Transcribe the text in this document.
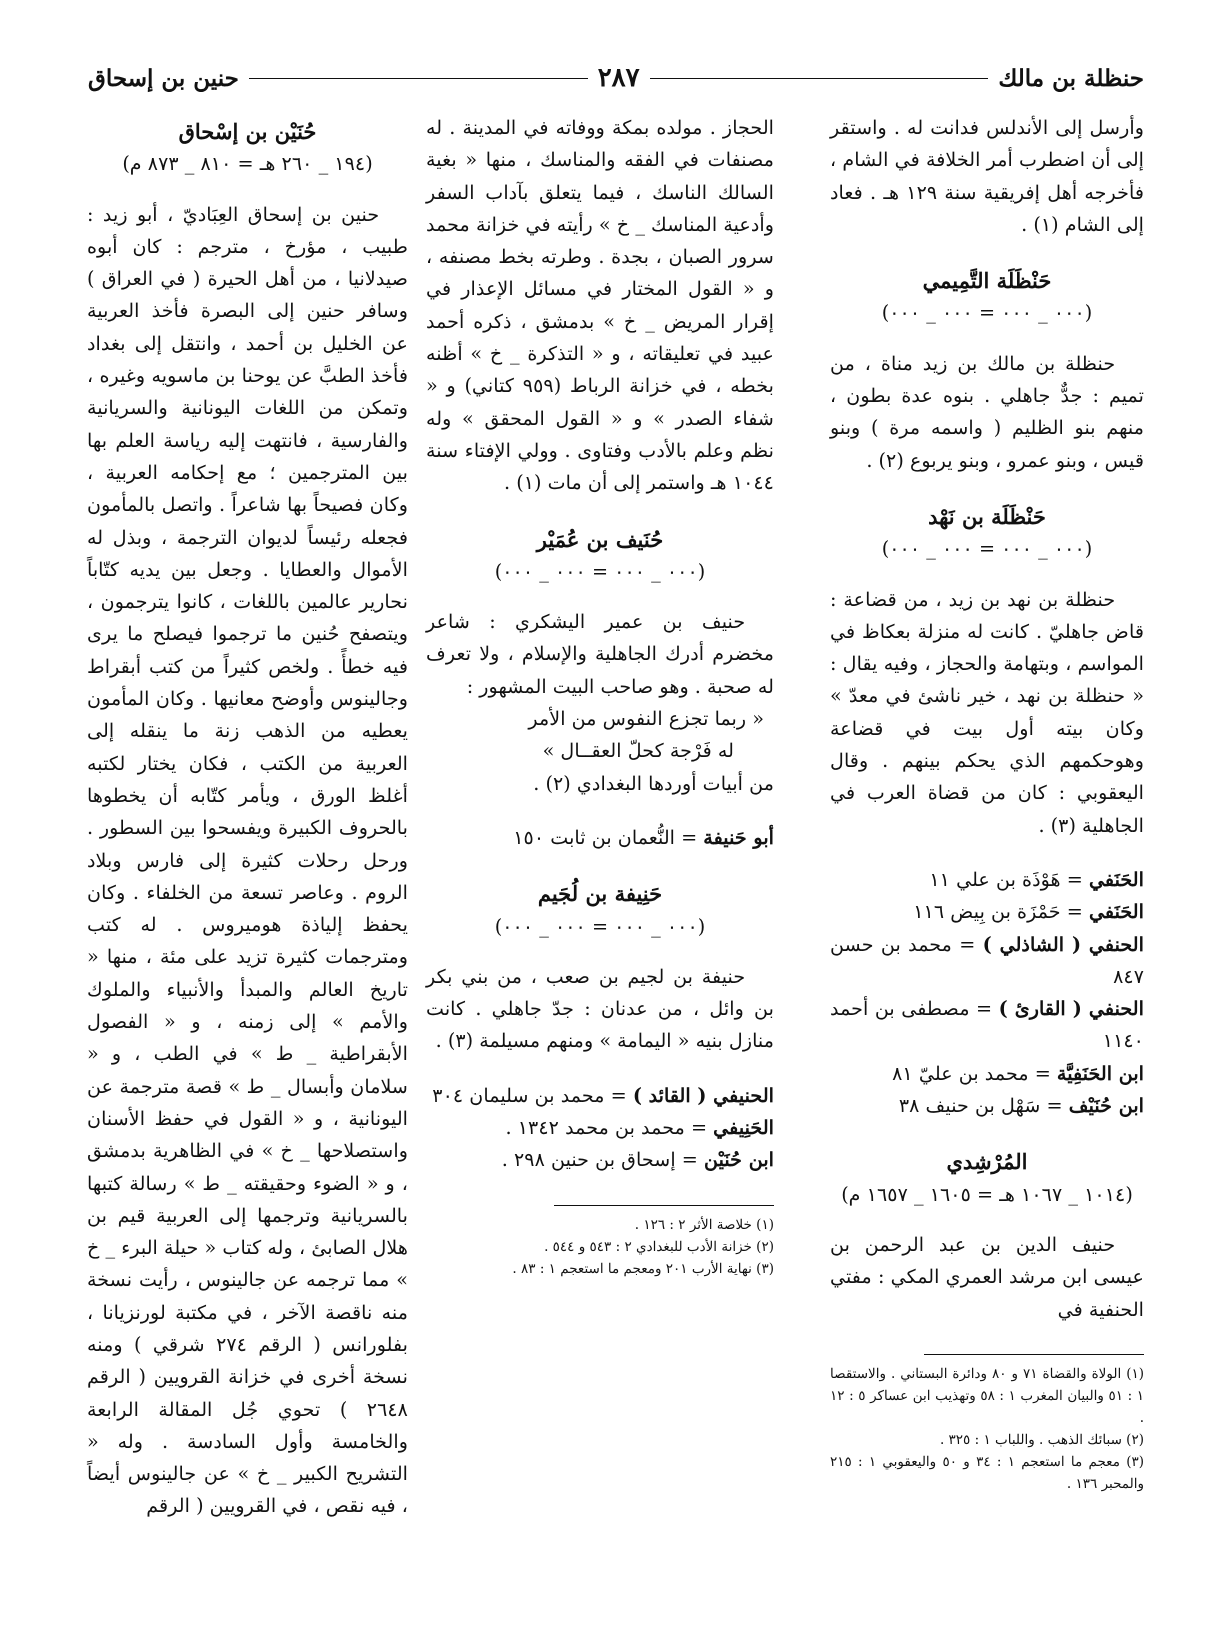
حنظلة بن مالك
٢٨٧
حنين بن إسحاق

وأرسل إلى الأندلس فدانت له . واستقر إلى أن اضطرب أمر الخلافة في الشام ، فأخرجه أهل إفريقية سنة ١٢٩ هـ . فعاد إلى الشام (١) .

حَنْظَلَة التَّمِيمي
(٠٠٠ _ ٠٠٠ = ٠٠٠ _ ٠٠٠)

حنظلة بن مالك بن زيد مناة ، من تميم : جدٌّ جاهلي . بنوه عدة بطون ، منهم بنو الظليم ( واسمه مرة ) وبنو قيس ، وبنو عمرو ، وبنو يربوع (٢) .

حَنْظَلَة بن نَهْد
(٠٠٠ _ ٠٠٠ = ٠٠٠ _ ٠٠٠)

حنظلة بن نهد بن زيد ، من قضاعة : قاض جاهليّ . كانت له منزلة بعكاظ في المواسم ، وبتهامة والحجاز ، وفيه يقال : « حنظلة بن نهد ، خير ناشئ في معدّ » وكان بيته أول بيت في قضاعة وهوحكمهم الذي يحكم بينهم . وقال اليعقوبي : كان من قضاة العرب في الجاهلية (٣) .

الحَنَفي = هَوْذَة بن علي ١١

الحَنَفي = حَمْزَة بن بِيض ١١٦

الحنفي ( الشاذلي ) = محمد بن حسن ٨٤٧

الحنفي ( القارئ ) = مصطفى بن أحمد ١١٤٠

ابن الحَنَفِيَّة = محمد بن عليّ ٨١

ابن حُنَيْف = سَهْل بن حنيف ٣٨

المُرْشِدي
(١٠١٤ _ ١٠٦٧ هـ = ١٦٠٥ _ ١٦٥٧ م)

حنيف الدين بن عبد الرحمن بن عيسى ابن مرشد العمري المكي : مفتي الحنفية في

(١) الولاة والقضاة ٧١ و ٨٠ ودائرة البستاني . والاستقصا ١ : ٥١ والبيان المغرب ١ : ٥٨ وتهذيب ابن عساكر ٥ : ١٢ .

(٢) سبائك الذهب . واللباب ١ : ٣٢٥ .

(٣) معجم ما استعجم ١ : ٣٤ و ٥٠ واليعقوبي ١ : ٢١٥ والمحبر ١٣٦ .

الحجاز . مولده بمكة ووفاته في المدينة . له مصنفات في الفقه والمناسك ، منها « بغية السالك الناسك ، فيما يتعلق بآداب السفر وأدعية المناسك _ خ » رأيته في خزانة محمد سرور الصبان ، بجدة . وطرته بخط مصنفه ، و « القول المختار في مسائل الإعذار في إقرار المريض _ خ » بدمشق ، ذكره أحمد عبيد في تعليقاته ، و « التذكرة _ خ » أظنه بخطه ، في خزانة الرباط (٩٥٩ كتاني) و « شفاء الصدر » و « القول المحقق » وله نظم وعلم بالأدب وفتاوى . وولي الإفتاء سنة ١٠٤٤ هـ واستمر إلى أن مات (١) .

حُنَيف بن عُمَيْر
(٠٠٠ _ ٠٠٠ = ٠٠٠ _ ٠٠٠)

حنيف بن عمير اليشكري : شاعر مخضرم أدرك الجاهلية والإسلام ، ولا تعرف له صحبة . وهو صاحب البيت المشهور :

« ربما تجزع النفوس من الأمر

له فَرْجة كحلّ العقــال »

من أبيات أوردها البغدادي (٢) .

أبو حَنيفة = النُّعمان بن ثابت ١٥٠

حَنِيفة بن لُجَيم
(٠٠٠ _ ٠٠٠ = ٠٠٠ _ ٠٠٠)

حنيفة بن لجيم بن صعب ، من بني بكر بن وائل ، من عدنان : جدّ جاهلي . كانت منازل بنيه « اليمامة » ومنهم مسيلمة (٣) .

الحنيفي ( القائد ) = محمد بن سليمان ٣٠٤

الحَنِيفي = محمد بن محمد ١٣٤٢ .

ابن حُنَيْن = إسحاق بن حنين ٢٩٨ .

(١) خلاصة الأثر ٢ : ١٢٦ .

(٢) خزانة الأدب للبغدادي ٢ : ٥٤٣ و ٥٤٤ .

(٣) نهاية الأرب ٢٠١ ومعجم ما استعجم ١ : ٨٣ .

حُنَيْن بن إسْحاق
(١٩٤ _ ٢٦٠ هـ = ٨١٠ _ ٨٧٣ م)

حنين بن إسحاق العِبَاديّ ، أبو زيد : طبيب ، مؤرخ ، مترجم : كان أبوه صيدلانيا ، من أهل الحيرة ( في العراق ) وسافر حنين إلى البصرة فأخذ العربية عن الخليل بن أحمد ، وانتقل إلى بغداد فأخذ الطبَّ عن يوحنا بن ماسويه وغيره ، وتمكن من اللغات اليونانية والسريانية والفارسية ، فانتهت إليه رياسة العلم بها بين المترجمين ؛ مع إحكامه العربية ، وكان فصيحاً بها شاعراً . واتصل بالمأمون فجعله رئيساً لديوان الترجمة ، وبذل له الأموال والعطايا . وجعل بين يديه كتّاباً نحارير عالمين باللغات ، كانوا يترجمون ، ويتصفح حُنين ما ترجموا فيصلح ما يرى فيه خطأً . ولخص كثيراً من كتب أبقراط وجالينوس وأوضح معانيها . وكان المأمون يعطيه من الذهب زنة ما ينقله إلى العربية من الكتب ، فكان يختار لكتبه أغلظ الورق ، ويأمر كتّابه أن يخطوها بالحروف الكبيرة ويفسحوا بين السطور . ورحل رحلات كثيرة إلى فارس وبلاد الروم . وعاصر تسعة من الخلفاء . وكان يحفظ إلياذة هوميروس . له كتب ومترجمات كثيرة تزيد على مئة ، منها « تاريخ العالم والمبدأ والأنبياء والملوك والأمم » إلى زمنه ، و « الفصول الأبقراطية _ ط » في الطب ، و « سلامان وأبسال _ ط » قصة مترجمة عن اليونانية ، و « القول في حفظ الأسنان واستصلاحها _ خ » في الظاهرية بدمشق ، و « الضوء وحقيقته _ ط » رسالة كتبها بالسريانية وترجمها إلى العربية قيم بن هلال الصابئ ، وله كتاب « حيلة البرء _ خ » مما ترجمه عن جالينوس ، رأيت نسخة منه ناقصة الآخر ، في مكتبة لورنزيانا ، بفلورانس ( الرقم ٢٧٤ شرقي ) ومنه نسخة أخرى في خزانة القرويين ( الرقم ٢٦٤٨ ) تحوي جُل المقالة الرابعة والخامسة وأول السادسة . وله « التشريح الكبير _ خ » عن جالينوس أيضاً ، فيه نقص ، في القرويين ( الرقم
